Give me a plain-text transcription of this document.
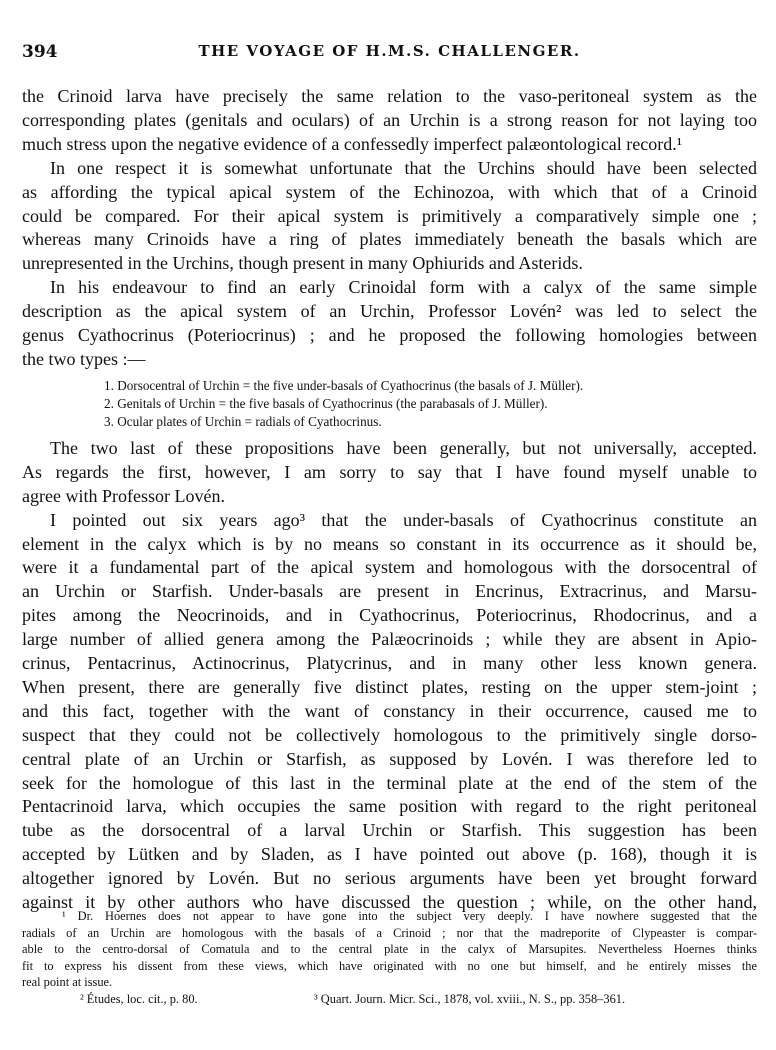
394	THE VOYAGE OF H.M.S. CHALLENGER.
the Crinoid larva have precisely the same relation to the vaso-peritoneal system as the
corresponding plates (genitals and oculars) of an Urchin is a strong reason for not laying too
much stress upon the negative evidence of a confessedly imperfect palæontological record.¹
In one respect it is somewhat unfortunate that the Urchins should have been selected
as affording the typical apical system of the Echinozoa, with which that of a Crinoid
could be compared. For their apical system is primitively a comparatively simple one ;
whereas many Crinoids have a ring of plates immediately beneath the basals which are
unrepresented in the Urchins, though present in many Ophiurids and Asterids.
In his endeavour to find an early Crinoidal form with a calyx of the same simple
description as the apical system of an Urchin, Professor Lovén² was led to select the
genus Cyathocrinus (Poteriocrinus) ; and he proposed the following homologies between
the two types :—
1. Dorsocentral of Urchin = the five under-basals of Cyathocrinus (the basals of J. Müller).
2. Genitals of Urchin = the five basals of Cyathocrinus (the parabasals of J. Müller).
3. Ocular plates of Urchin = radials of Cyathocrinus.
The two last of these propositions have been generally, but not universally, accepted.
As regards the first, however, I am sorry to say that I have found myself unable to
agree with Professor Lovén.
I pointed out six years ago³ that the under-basals of Cyathocrinus constitute an
element in the calyx which is by no means so constant in its occurrence as it should be,
were it a fundamental part of the apical system and homologous with the dorsocentral of
an Urchin or Starfish. Under-basals are present in Encrinus, Extracrinus, and Marsu-
pites among the Neocrinoids, and in Cyathocrinus, Poteriocrinus, Rhodocrinus, and a
large number of allied genera among the Palæocrinoids ; while they are absent in Apio-
crinus, Pentacrinus, Actinocrinus, Platycrinus, and in many other less known genera.
When present, there are generally five distinct plates, resting on the upper stem-joint ;
and this fact, together with the want of constancy in their occurrence, caused me to
suspect that they could not be collectively homologous to the primitively single dorso-
central plate of an Urchin or Starfish, as supposed by Lovén. I was therefore led to
seek for the homologue of this last in the terminal plate at the end of the stem of the
Pentacrinoid larva, which occupies the same position with regard to the right peritoneal
tube as the dorsocentral of a larval Urchin or Starfish. This suggestion has been
accepted by Lütken and by Sladen, as I have pointed out above (p. 168), though it is
altogether ignored by Lovén. But no serious arguments have been yet brought forward
against it by other authors who have discussed the question ; while, on the other hand,
¹ Dr. Hoernes does not appear to have gone into the subject very deeply. I have nowhere suggested that the
radials of an Urchin are homologous with the basals of a Crinoid ; nor that the madreporite of Clypeaster is compar-
able to the centro-dorsal of Comatula and to the central plate in the calyx of Marsupites. Nevertheless Hoernes thinks
fit to express his dissent from these views, which have originated with no one but himself, and he entirely misses the
real point at issue.
² Études, loc. cit., p. 80.	³ Quart. Journ. Micr. Sci., 1878, vol. xviii., N. S., pp. 358–361.
